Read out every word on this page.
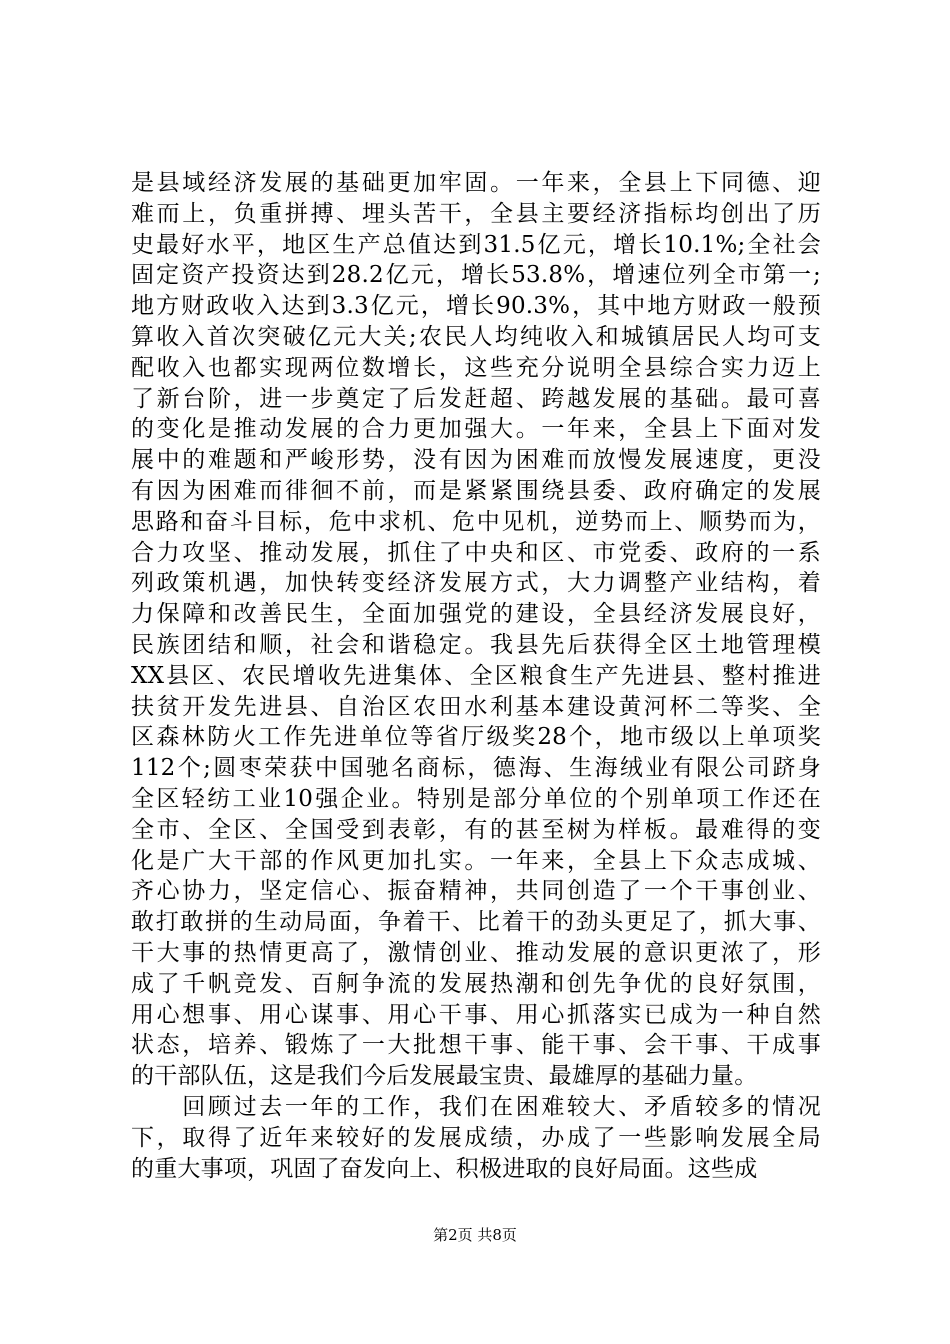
是县域经济发展的基础更加牢固。一年来，全县上下同德、迎
难而上，负重拼搏、埋头苦干，全县主要经济指标均创出了历
史最好水平，地区生产总值达到31.5亿元，增长10.1%;全社会
固定资产投资达到28.2亿元，增长53.8%，增速位列全市第一;
地方财政收入达到3.3亿元，增长90.3%，其中地方财政一般预
算收入首次突破亿元大关;农民人均纯收入和城镇居民人均可支
配收入也都实现两位数增长，这些充分说明全县综合实力迈上
了新台阶，进一步奠定了后发赶超、跨越发展的基础。最可喜
的变化是推动发展的合力更加强大。一年来，全县上下面对发
展中的难题和严峻形势，没有因为困难而放慢发展速度，更没
有因为困难而徘徊不前，而是紧紧围绕县委、政府确定的发展
思路和奋斗目标，危中求机、危中见机，逆势而上、顺势而为，
合力攻坚、推动发展，抓住了中央和区、市党委、政府的一系
列政策机遇，加快转变经济发展方式，大力调整产业结构，着
力保障和改善民生，全面加强党的建设，全县经济发展良好，
民族团结和顺，社会和谐稳定。我县先后获得全区土地管理模
XX县区、农民增收先进集体、全区粮食生产先进县、整村推进
扶贫开发先进县、自治区农田水利基本建设黄河杯二等奖、全
区森林防火工作先进单位等省厅级奖28个，地市级以上单项奖
112个;圆枣荣获中国驰名商标，德海、生海绒业有限公司跻身
全区轻纺工业10强企业。特别是部分单位的个别单项工作还在
全市、全区、全国受到表彰，有的甚至树为样板。最难得的变
化是广大干部的作风更加扎实。一年来，全县上下众志成城、
齐心协力，坚定信心、振奋精神，共同创造了一个干事创业、
敢打敢拼的生动局面，争着干、比着干的劲头更足了，抓大事、
干大事的热情更高了，激情创业、推动发展的意识更浓了，形
成了千帆竞发、百舸争流的发展热潮和创先争优的良好氛围，
用心想事、用心谋事、用心干事、用心抓落实已成为一种自然
状态，培养、锻炼了一大批想干事、能干事、会干事、干成事
的干部队伍，这是我们今后发展最宝贵、最雄厚的基础力量。
　　回顾过去一年的工作，我们在困难较大、矛盾较多的情况
下，取得了近年来较好的发展成绩，办成了一些影响发展全局
的重大事项，巩固了奋发向上、积极进取的良好局面。这些成
第2页 共8页
